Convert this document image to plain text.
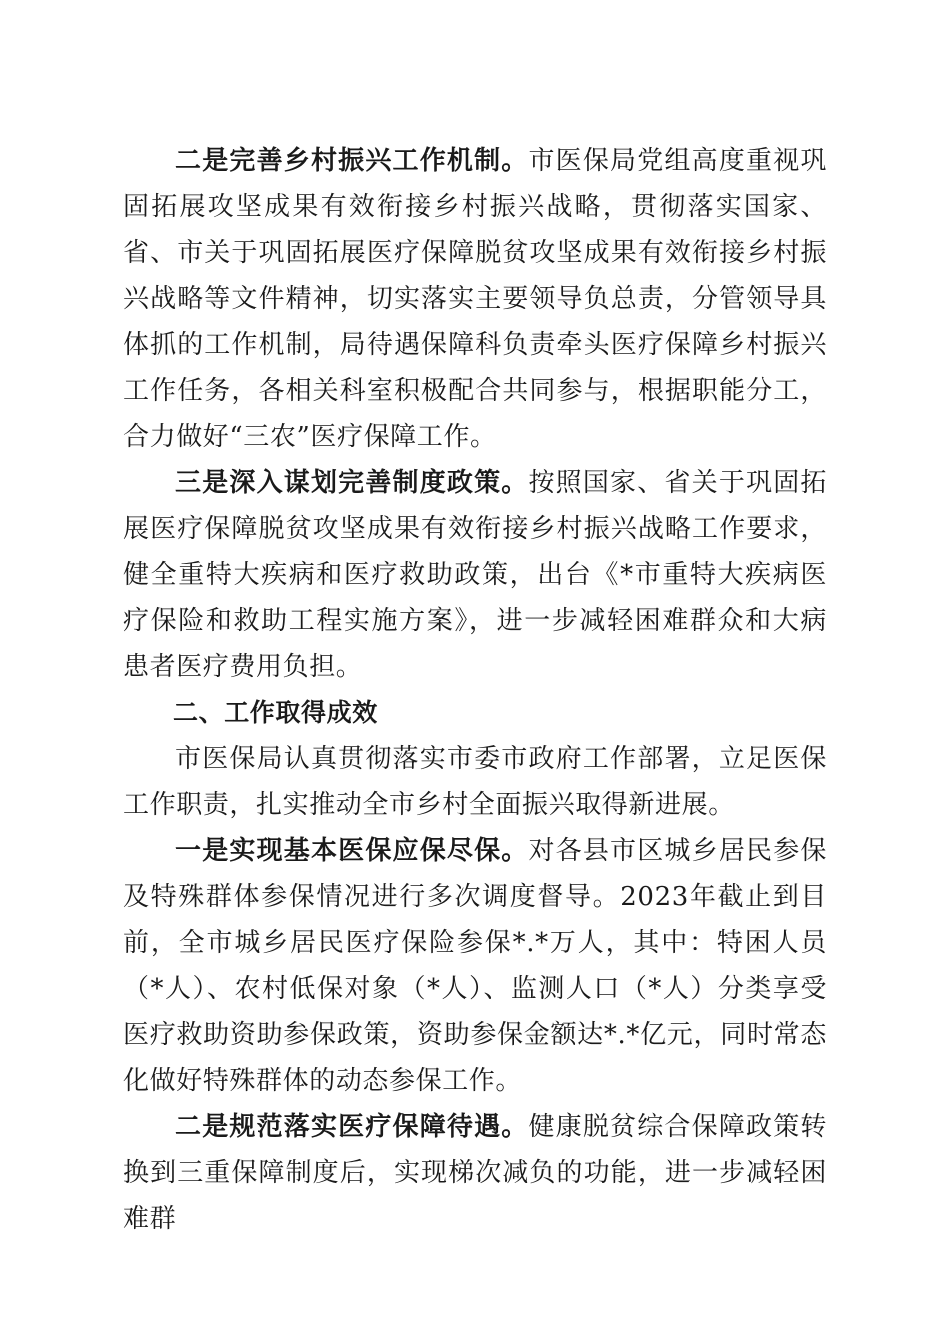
二是完善乡村振兴工作机制。市医保局党组高度重视巩固拓展攻坚成果有效衔接乡村振兴战略，贯彻落实国家、省、市关于巩固拓展医疗保障脱贫攻坚成果有效衔接乡村振兴战略等文件精神，切实落实主要领导负总责，分管领导具体抓的工作机制，局待遇保障科负责牵头医疗保障乡村振兴工作任务，各相关科室积极配合共同参与，根据职能分工，合力做好“三农”医疗保障工作。

三是深入谋划完善制度政策。按照国家、省关于巩固拓展医疗保障脱贫攻坚成果有效衔接乡村振兴战略工作要求，健全重特大疾病和医疗救助政策，出台《*市重特大疾病医疗保险和救助工程实施方案》，进一步减轻困难群众和大病患者医疗费用负担。

二、工作取得成效

市医保局认真贯彻落实市委市政府工作部署，立足医保工作职责，扎实推动全市乡村全面振兴取得新进展。

一是实现基本医保应保尽保。对各县市区城乡居民参保及特殊群体参保情况进行多次调度督导。2023年截止到目前，全市城乡居民医疗保险参保*.*万人，其中：特困人员（*人）、农村低保对象（*人）、监测人口（*人）分类享受医疗救助资助参保政策，资助参保金额达*.*亿元，同时常态化做好特殊群体的动态参保工作。

二是规范落实医疗保障待遇。健康脱贫综合保障政策转换到三重保障制度后，实现梯次减负的功能，进一步减轻困难群
